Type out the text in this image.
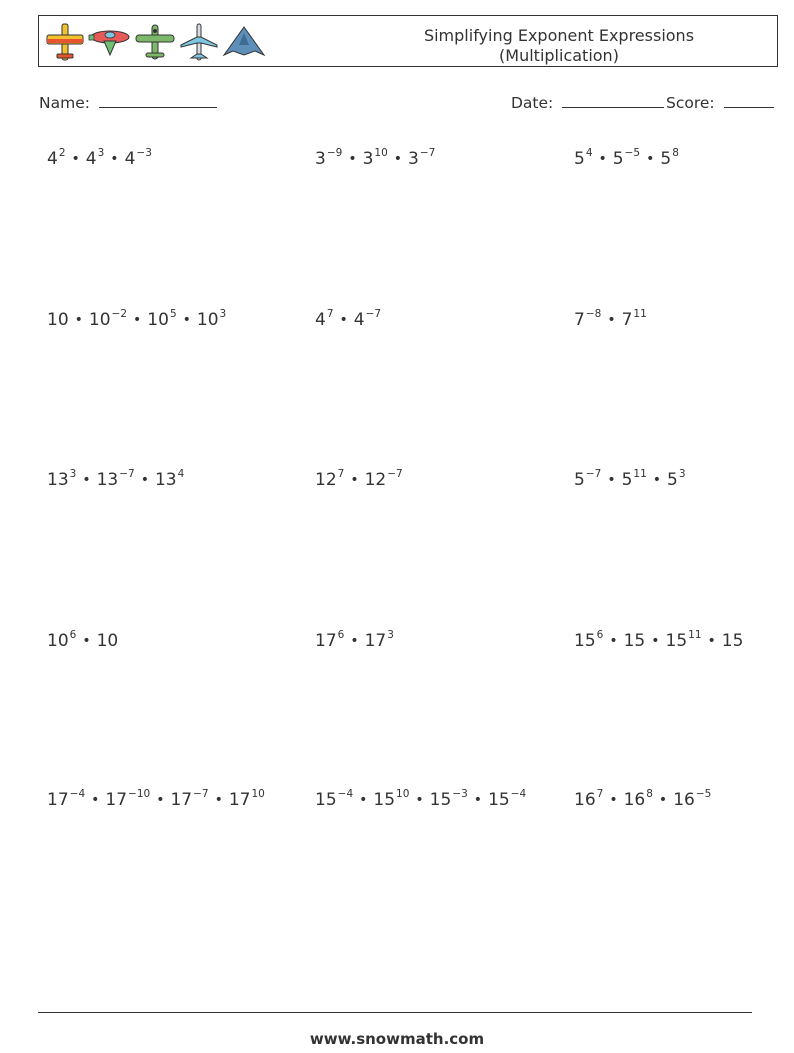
Simplifying Exponent Expressions
(Multiplication)
Name:	Date:	Score:
$4^2$ • $4^3$ • $4^{-3}$	$3^{-9}$ • $3^{10}$ • $3^{-7}$	$5^4$ • $5^{-5}$ • $5^8$
10 • $10^{-2}$ • $10^5$ • $10^3$	$4^7$ • $4^{-7}$	$7^{-8}$ • $7^{11}$
$13^3$ • $13^{-7}$ • $13^4$	$12^7$ • $12^{-7}$	$5^{-7}$ • $5^{11}$ • $5^3$
$10^6$ • 10	$17^6$ • $17^3$	$15^6$ • 15 • $15^{11}$ • 15
$17^{-4}$ • $17^{-10}$ • $17^{-7}$ • $17^{10}$	$15^{-4}$ • $15^{10}$ • $15^{-3}$ • $15^{-4}$	$16^7$ • $16^8$ • $16^{-5}$
www.snowmath.com
